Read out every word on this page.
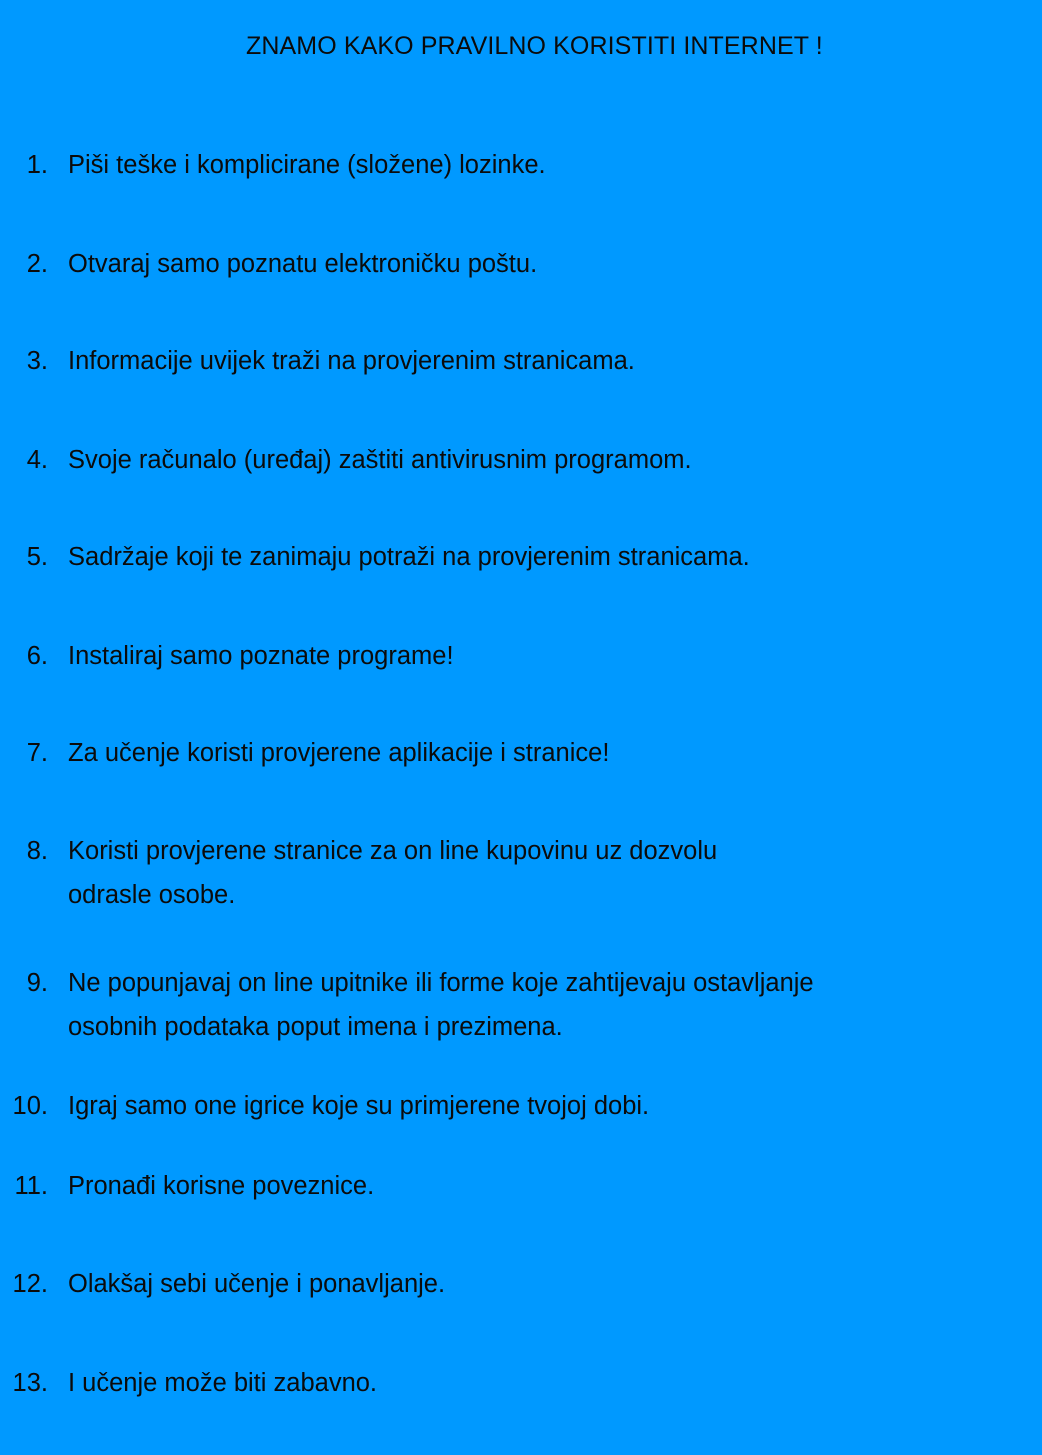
ZNAMO KAKO PRAVILNO KORISTITI INTERNET !
1. Piši teške i komplicirane (složene) lozinke.
2. Otvaraj samo poznatu elektroničku poštu.
3. Informacije uvijek traži na provjerenim stranicama.
4. Svoje računalo (uređaj) zaštiti antivirusnim programom.
5. Sadržaje koji te zanimaju potraži na provjerenim stranicama.
6. Instaliraj samo poznate programe!
7. Za učenje koristi provjerene aplikacije i stranice!
8. Koristi provjerene stranice za on line kupovinu uz dozvolu
odrasle osobe.
9. Ne popunjavaj on line upitnike ili forme koje zahtijevaju ostavljanje
osobnih podataka poput imena i prezimena.
10. Igraj samo one igrice koje su primjerene tvojoj dobi.
11. Pronađi korisne poveznice.
12. Olakšaj sebi učenje i ponavljanje.
13. I učenje može biti zabavno.
